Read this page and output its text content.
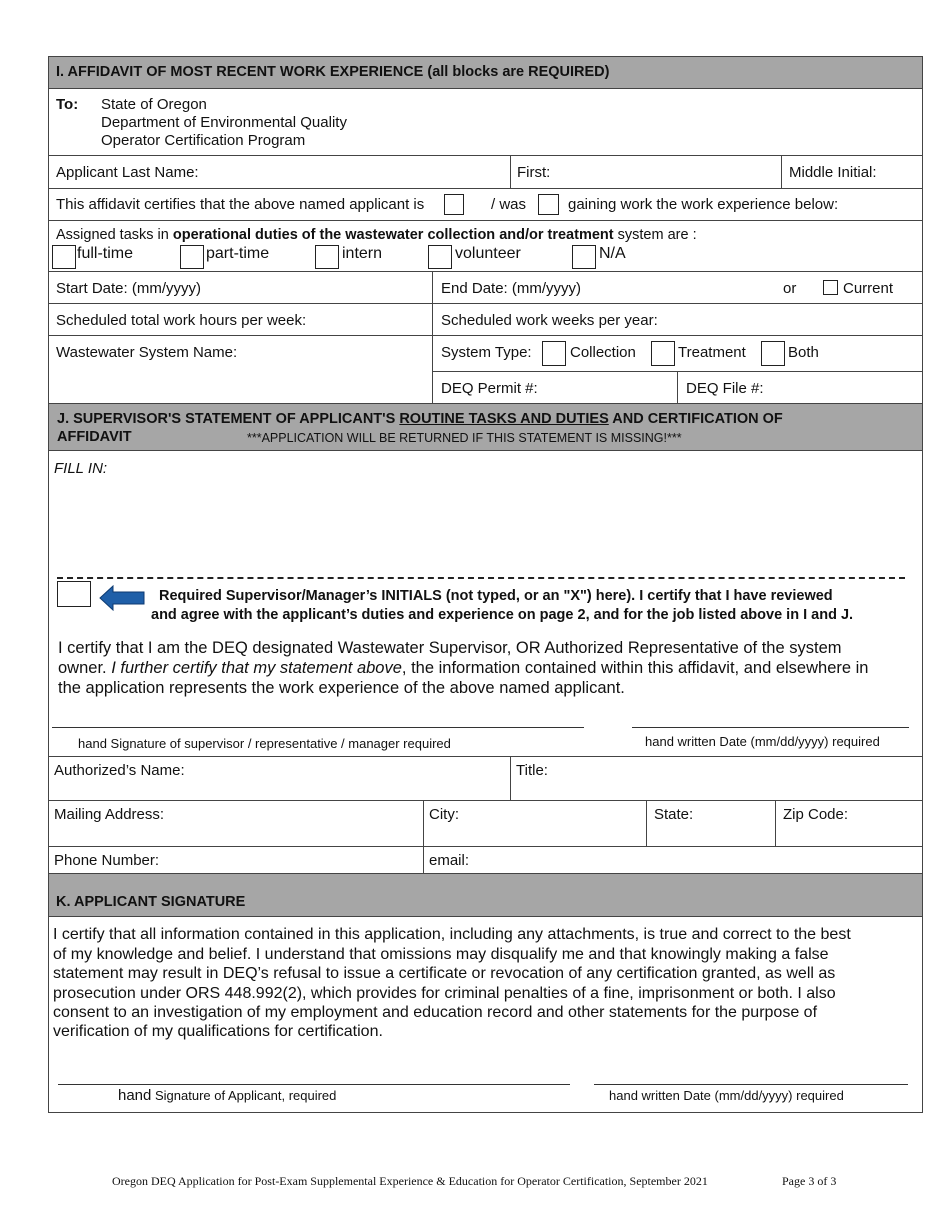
I. AFFIDAVIT OF MOST RECENT WORK EXPERIENCE (all blocks are REQUIRED)
To: State of Oregon
Department of Environmental Quality
Operator Certification Program
Applicant Last Name:	First:	Middle Initial:
This affidavit certifies that the above named applicant is	/ was	gaining work the work experience below:
Assigned tasks in operational duties of the wastewater collection and/or treatment system are :
full-time	part-time	intern	volunteer	N/A
Start Date: (mm/yyyy)	End Date: (mm/yyyy)	or	Current
Scheduled total work hours per week:	Scheduled work weeks per year:
Wastewater System Name:	System Type:	Collection	Treatment	Both
DEQ Permit #:	DEQ File #:
J. SUPERVISOR'S STATEMENT OF APPLICANT'S ROUTINE TASKS AND DUTIES AND CERTIFICATION OF
AFFIDAVIT	***APPLICATION WILL BE RETURNED IF THIS STATEMENT IS MISSING!***
FILL IN:
Required Supervisor/Manager’s INITIALS (not typed, or an "X") here). I certify that I have reviewed
and agree with the applicant’s duties and experience on page 2, and for the job listed above in I and J.
I certify that I am the DEQ designated Wastewater Supervisor, OR Authorized Representative of the system
owner. I further certify that my statement above, the information contained within this affidavit, and elsewhere in
the application represents the work experience of the above named applicant.
hand Signature of supervisor / representative / manager required	hand written Date (mm/dd/yyyy) required
Authorized’s Name:	Title:
Mailing Address:	City:	State:	Zip Code:
Phone Number:	email:
K. APPLICANT SIGNATURE
I certify that all information contained in this application, including any attachments, is true and correct to the best
of my knowledge and belief. I understand that omissions may disqualify me and that knowingly making a false
statement may result in DEQ’s refusal to issue a certificate or revocation of any certification granted, as well as
prosecution under ORS 448.992(2), which provides for criminal penalties of a fine, imprisonment or both. I also
consent to an investigation of my employment and education record and other statements for the purpose of
verification of my qualifications for certification.
hand Signature of Applicant, required	hand written Date (mm/dd/yyyy) required
Oregon DEQ Application for Post-Exam Supplemental Experience & Education for Operator Certification, September 2021	Page 3 of 3
